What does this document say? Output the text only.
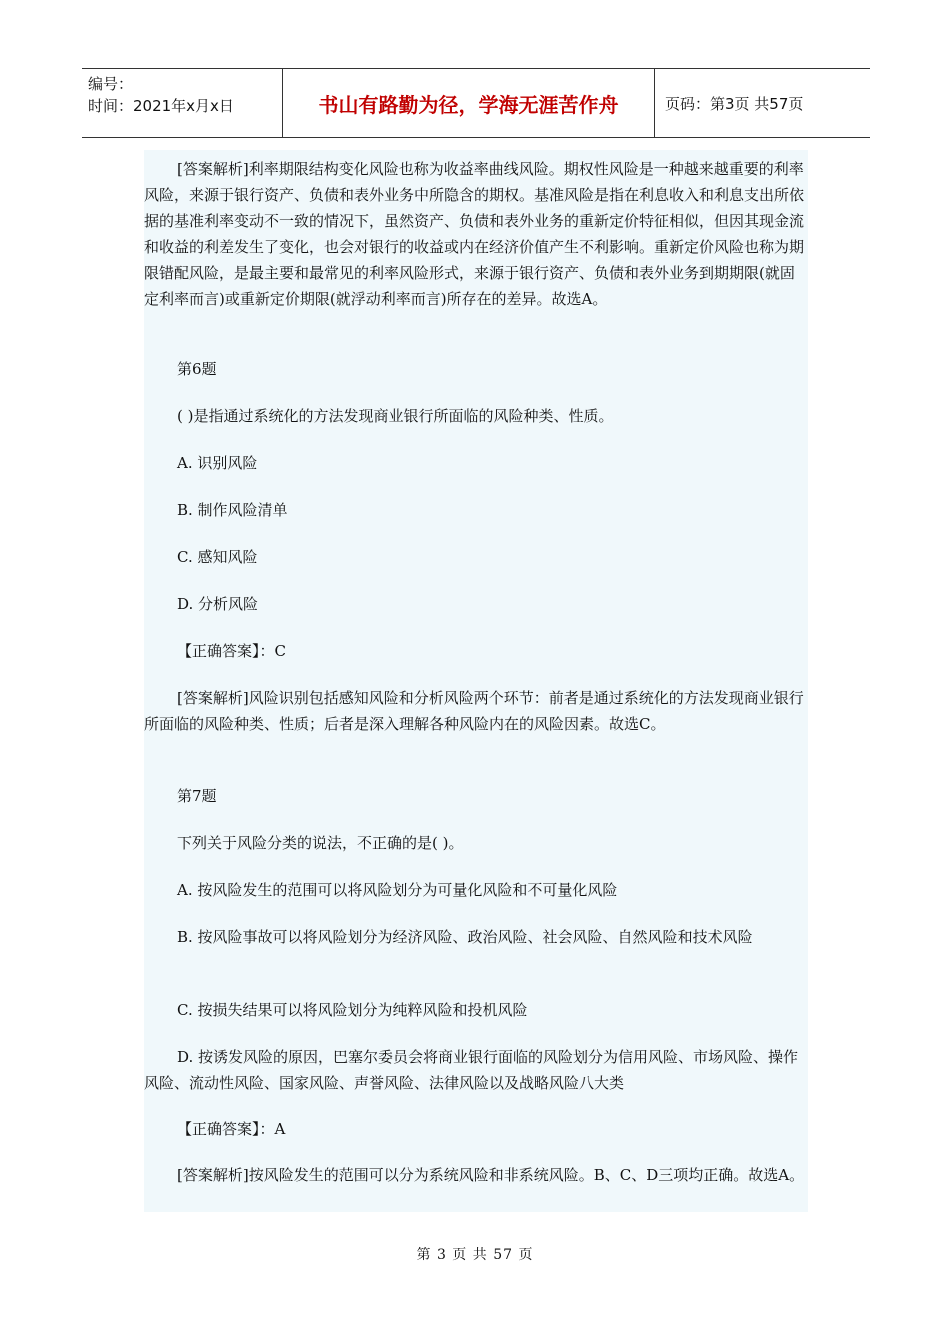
编号：
时间：2021年x月x日	书山有路勤为径，学海无涯苦作舟	页码：第3页 共57页

[答案解析]利率期限结构变化风险也称为收益率曲线风险。期权性风险是一种越来越重要的利率风险，来源于银行资产、负债和表外业务中所隐含的期权。基准风险是指在利息收入和利息支出所依据的基准利率变动不一致的情况下，虽然资产、负债和表外业务的重新定价特征相似，但因其现金流和收益的利差发生了变化，也会对银行的收益或内在经济价值产生不利影响。重新定价风险也称为期限错配风险，是最主要和最常见的利率风险形式，来源于银行资产、负债和表外业务到期期限(就固定利率而言)或重新定价期限(就浮动利率而言)所存在的差异。故选A。

第6题

( )是指通过系统化的方法发现商业银行所面临的风险种类、性质。

A. 识别风险

B. 制作风险清单

C. 感知风险

D. 分析风险

【正确答案】：C

[答案解析]风险识别包括感知风险和分析风险两个环节：前者是通过系统化的方法发现商业银行所面临的风险种类、性质；后者是深入理解各种风险内在的风险因素。故选C。

第7题

下列关于风险分类的说法，不正确的是( )。

A. 按风险发生的范围可以将风险划分为可量化风险和不可量化风险

B. 按风险事故可以将风险划分为经济风险、政治风险、社会风险、自然风险和技术风险

C. 按损失结果可以将风险划分为纯粹风险和投机风险

D. 按诱发风险的原因，巴塞尔委员会将商业银行面临的风险划分为信用风险、市场风险、操作风险、流动性风险、国家风险、声誉风险、法律风险以及战略风险八大类

【正确答案】：A

[答案解析]按风险发生的范围可以分为系统风险和非系统风险。B、C、D三项均正确。故选A。

第 3 页 共 57 页
